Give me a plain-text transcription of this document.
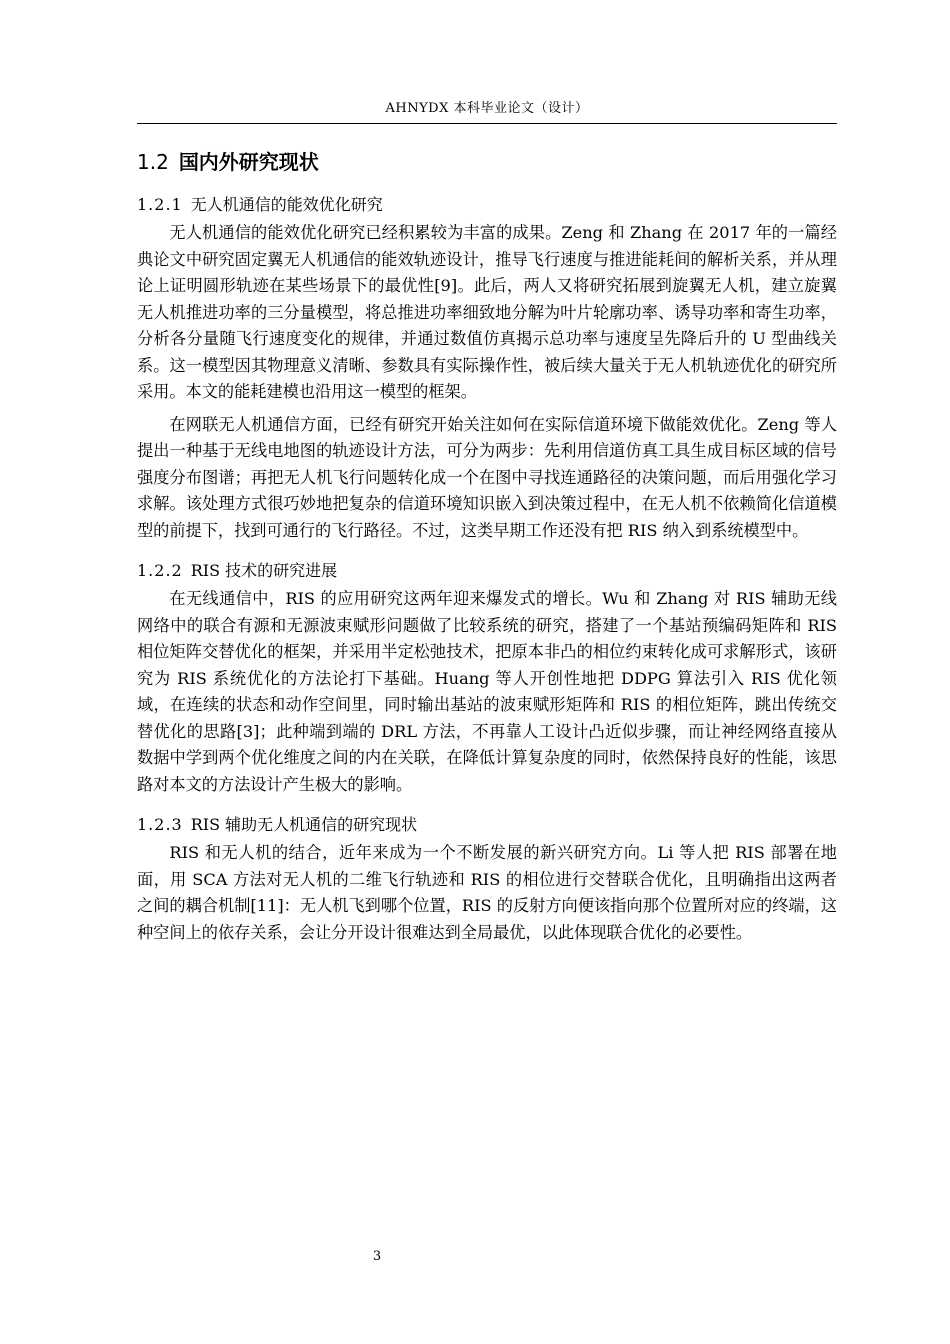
AHNYDX 本科毕业论文（设计）
1.2 国内外研究现状
1.2.1 无人机通信的能效优化研究

无人机通信的能效优化研究已经积累较为丰富的成果。Zeng 和 Zhang 在 2017 年的一篇经典论文中研究固定翼无人机通信的能效轨迹设计，推导飞行速度与推进能耗间的解析关系，并从理论上证明圆形轨迹在某些场景下的最优性[9]。此后，两人又将研究拓展到旋翼无人机，建立旋翼无人机推进功率的三分量模型，将总推进功率细致地分解为叶片轮廓功率、诱导功率和寄生功率，分析各分量随飞行速度变化的规律，并通过数值仿真揭示总功率与速度呈先降后升的 U 型曲线关系。这一模型因其物理意义清晰、参数具有实际操作性，被后续大量关于无人机轨迹优化的研究所采用。本文的能耗建模也沿用这一模型的框架。

在网联无人机通信方面，已经有研究开始关注如何在实际信道环境下做能效优化。Zeng 等人提出一种基于无线电地图的轨迹设计方法，可分为两步：先利用信道仿真工具生成目标区域的信号强度分布图谱；再把无人机飞行问题转化成一个在图中寻找连通路径的决策问题，而后用强化学习求解。该处理方式很巧妙地把复杂的信道环境知识嵌入到决策过程中，在无人机不依赖简化信道模型的前提下，找到可通行的飞行路径。不过，这类早期工作还没有把 RIS 纳入到系统模型中。

1.2.2 RIS 技术的研究进展

在无线通信中，RIS 的应用研究这两年迎来爆发式的增长。Wu 和 Zhang 对 RIS 辅助无线网络中的联合有源和无源波束赋形问题做了比较系统的研究，搭建了一个基站预编码矩阵和 RIS 相位矩阵交替优化的框架，并采用半定松弛技术，把原本非凸的相位约束转化成可求解形式，该研究为 RIS 系统优化的方法论打下基础。Huang 等人开创性地把 DDPG 算法引入 RIS 优化领域，在连续的状态和动作空间里，同时输出基站的波束赋形矩阵和 RIS 的相位矩阵，跳出传统交替优化的思路[3]；此种端到端的 DRL 方法，不再靠人工设计凸近似步骤，而让神经网络直接从数据中学到两个优化维度之间的内在关联，在降低计算复杂度的同时，依然保持良好的性能，该思路对本文的方法设计产生极大的影响。

1.2.3 RIS 辅助无人机通信的研究现状

RIS 和无人机的结合，近年来成为一个不断发展的新兴研究方向。Li 等人把 RIS 部署在地面，用 SCA 方法对无人机的二维飞行轨迹和 RIS 的相位进行交替联合优化，且明确指出这两者之间的耦合机制[11]：无人机飞到哪个位置，RIS 的反射方向便该指向那个位置所对应的终端，这种空间上的依存关系，会让分开设计很难达到全局最优，以此体现联合优化的必要性。

3
